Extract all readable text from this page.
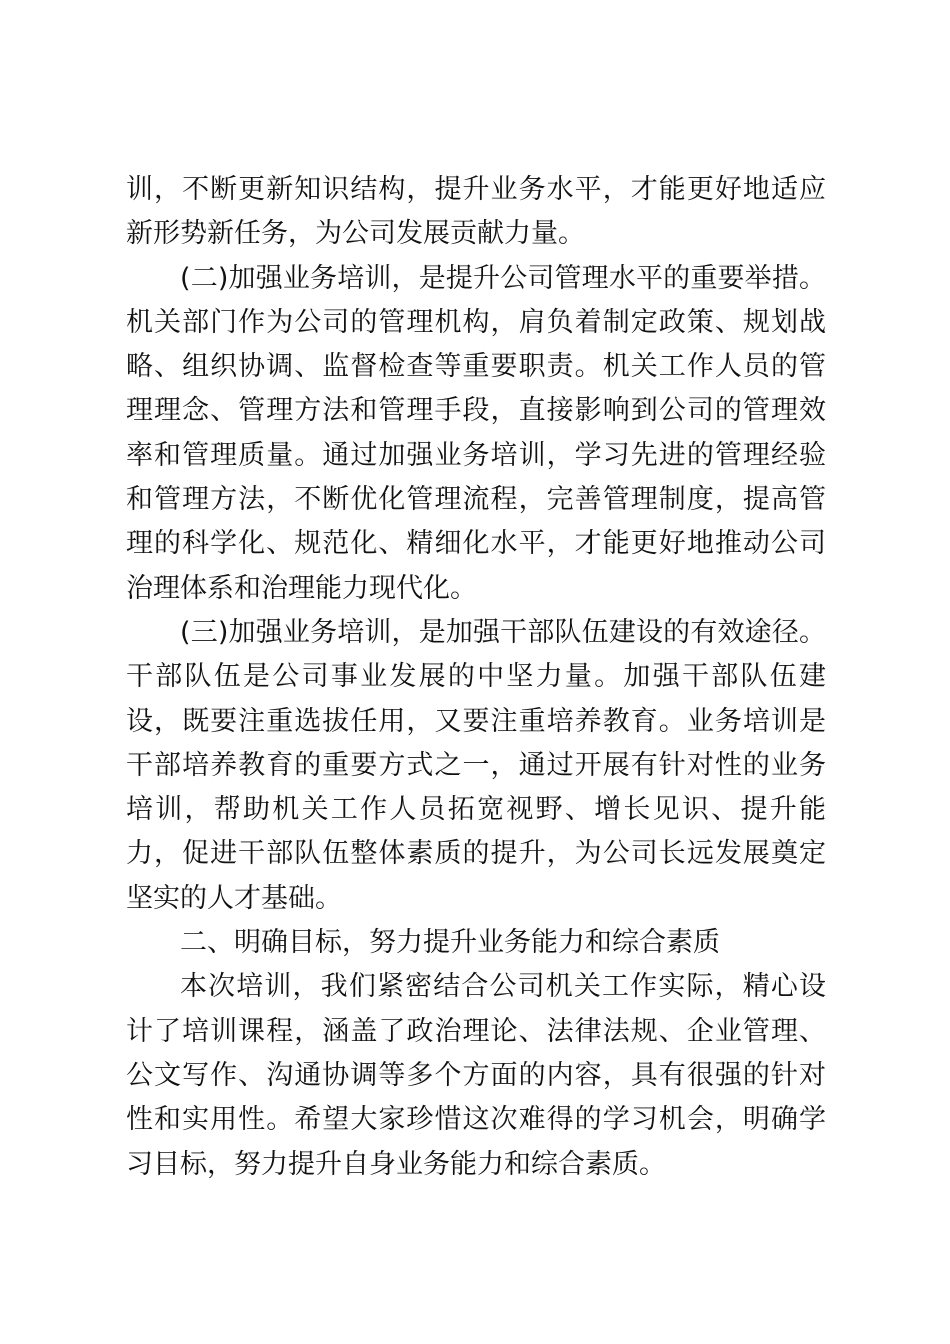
训，不断更新知识结构，提升业务水平，才能更好地适应新形势新任务，为公司发展贡献力量。

(二)加强业务培训，是提升公司管理水平的重要举措。机关部门作为公司的管理机构，肩负着制定政策、规划战略、组织协调、监督检查等重要职责。机关工作人员的管理理念、管理方法和管理手段，直接影响到公司的管理效率和管理质量。通过加强业务培训，学习先进的管理经验和管理方法，不断优化管理流程，完善管理制度，提高管理的科学化、规范化、精细化水平，才能更好地推动公司治理体系和治理能力现代化。

(三)加强业务培训，是加强干部队伍建设的有效途径。干部队伍是公司事业发展的中坚力量。加强干部队伍建设，既要注重选拔任用，又要注重培养教育。业务培训是干部培养教育的重要方式之一，通过开展有针对性的业务培训，帮助机关工作人员拓宽视野、增长见识、提升能力，促进干部队伍整体素质的提升，为公司长远发展奠定坚实的人才基础。

二、明确目标，努力提升业务能力和综合素质

本次培训，我们紧密结合公司机关工作实际，精心设计了培训课程，涵盖了政治理论、法律法规、企业管理、公文写作、沟通协调等多个方面的内容，具有很强的针对性和实用性。希望大家珍惜这次难得的学习机会，明确学习目标，努力提升自身业务能力和综合素质。
